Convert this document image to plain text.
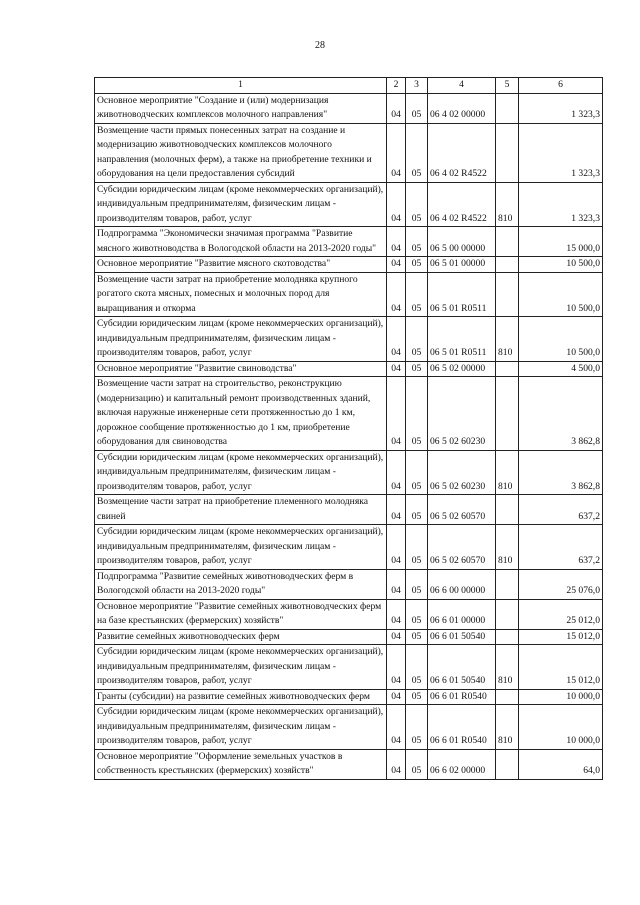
28
1	2	3	4	5	6
Основное мероприятие "Создание и (или) модернизация животноводческих комплексов молочного направления"	04	05	06 4 02 00000		1 323,3
Возмещение части прямых понесенных затрат на создание и модернизацию животноводческих комплексов молочного направления (молочных ферм), а также на приобретение техники и оборудования на цели предоставления субсидий	04	05	06 4 02 R4522		1 323,3
Субсидии юридическим лицам (кроме некоммерческих организаций), индивидуальным предпринимателям, физическим лицам - производителям товаров, работ, услуг	04	05	06 4 02 R4522	810	1 323,3
Подпрограмма "Экономически значимая программа "Развитие мясного животноводства в Вологодской области на 2013-2020 годы"	04	05	06 5 00 00000		15 000,0
Основное мероприятие "Развитие мясного скотоводства"	04	05	06 5 01 00000		10 500,0
Возмещение части затрат на приобретение молодняка крупного рогатого скота мясных, помесных и молочных пород для выращивания и откорма	04	05	06 5 01 R0511		10 500,0
Субсидии юридическим лицам (кроме некоммерческих организаций), индивидуальным предпринимателям, физическим лицам - производителям товаров, работ, услуг	04	05	06 5 01 R0511	810	10 500,0
Основное мероприятие "Развитие свиноводства"	04	05	06 5 02 00000		4 500,0
Возмещение части затрат на строительство, реконструкцию (модернизацию) и капитальный ремонт производственных зданий, включая наружные инженерные сети протяженностью до 1 км, дорожное сообщение протяженностью до 1 км, приобретение оборудования для свиноводства	04	05	06 5 02 60230		3 862,8
Субсидии юридическим лицам (кроме некоммерческих организаций), индивидуальным предпринимателям, физическим лицам - производителям товаров, работ, услуг	04	05	06 5 02 60230	810	3 862,8
Возмещение части затрат на приобретение племенного молодняка свиней	04	05	06 5 02 60570		637,2
Субсидии юридическим лицам (кроме некоммерческих организаций), индивидуальным предпринимателям, физическим лицам - производителям товаров, работ, услуг	04	05	06 5 02 60570	810	637,2
Подпрограмма "Развитие семейных животноводческих ферм в Вологодской области на 2013-2020 годы"	04	05	06 6 00 00000		25 076,0
Основное мероприятие "Развитие семейных животноводческих ферм на базе крестьянских (фермерских) хозяйств"	04	05	06 6 01 00000		25 012,0
Развитие семейных животноводческих ферм	04	05	06 6 01 50540		15 012,0
Субсидии юридическим лицам (кроме некоммерческих организаций), индивидуальным предпринимателям, физическим лицам - производителям товаров, работ, услуг	04	05	06 6 01 50540	810	15 012,0
Гранты (субсидии) на развитие семейных животноводческих ферм	04	05	06 6 01 R0540		10 000,0
Субсидии юридическим лицам (кроме некоммерческих организаций), индивидуальным предпринимателям, физическим лицам - производителям товаров, работ, услуг	04	05	06 6 01 R0540	810	10 000,0
Основное мероприятие "Оформление земельных участков в собственность крестьянских (фермерских) хозяйств"	04	05	06 6 02 00000		64,0
